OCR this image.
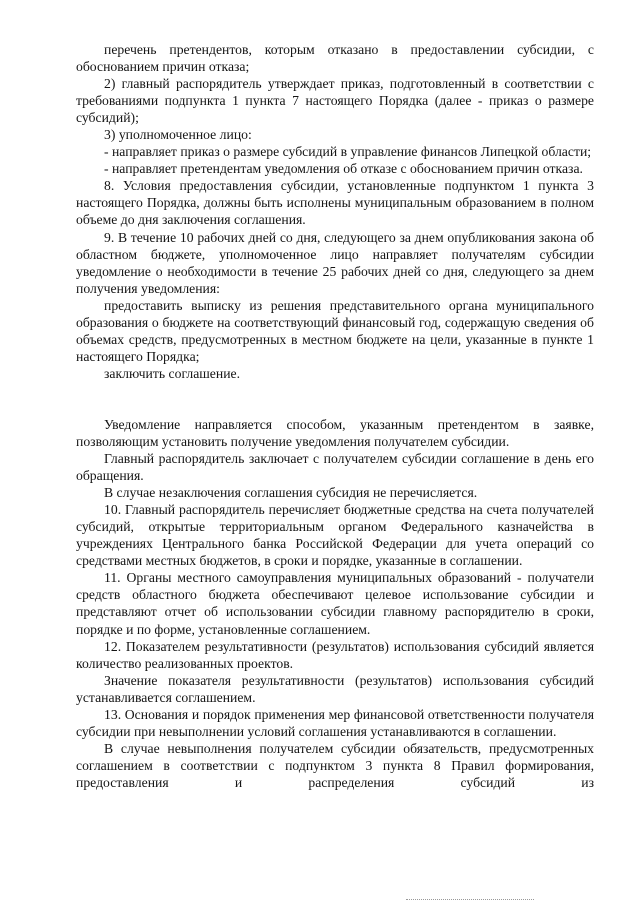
перечень претендентов, которым отказано в предоставлении субсидии, с обоснованием причин отказа;

2) главный распорядитель утверждает приказ, подготовленный в соответствии с требованиями подпункта 1 пункта 7 настоящего Порядка (далее - приказ о размере субсидий);

3) уполномоченное лицо:

- направляет приказ о размере субсидий в управление финансов Липецкой области;

- направляет претендентам уведомления об отказе с обоснованием причин отказа.

8. Условия предоставления субсидии, установленные подпунктом 1 пункта 3 настоящего Порядка, должны быть исполнены муниципальным образованием в полном объеме до дня заключения соглашения.

9. В течение 10 рабочих дней со дня, следующего за днем опубликования закона об областном бюджете, уполномоченное лицо направляет получателям субсидии уведомление о необходимости в течение 25 рабочих дней со дня, следующего за днем получения уведомления:

предоставить выписку из решения представительного органа муниципального образования о бюджете на соответствующий финансовый год, содержащую сведения об объемах средств, предусмотренных в местном бюджете на цели, указанные в пункте 1 настоящего Порядка;

заключить соглашение.

Уведомление направляется способом, указанным претендентом в заявке, позволяющим установить получение уведомления получателем субсидии.

Главный распорядитель заключает с получателем субсидии соглашение в день его обращения.

В случае незаключения соглашения субсидия не перечисляется.

10. Главный распорядитель перечисляет бюджетные средства на счета получателей субсидий, открытые территориальным органом Федерального казначейства в учреждениях Центрального банка Российской Федерации для учета операций со средствами местных бюджетов, в сроки и порядке, указанные в соглашении.

11. Органы местного самоуправления муниципальных образований - получатели средств областного бюджета обеспечивают целевое использование субсидии и представляют отчет об использовании субсидии главному распорядителю в сроки, порядке и по форме, установленные соглашением.

12. Показателем результативности (результатов) использования субсидий является количество реализованных проектов.

Значение показателя результативности (результатов) использования субсидий устанавливается соглашением.

13. Основания и порядок применения мер финансовой ответственности получателя субсидии при невыполнении условий соглашения устанавливаются в соглашении.

В случае невыполнения получателем субсидии обязательств, предусмотренных соглашением в соответствии с подпунктом 3 пункта 8 Правил формирования, предоставления и распределения субсидий из
